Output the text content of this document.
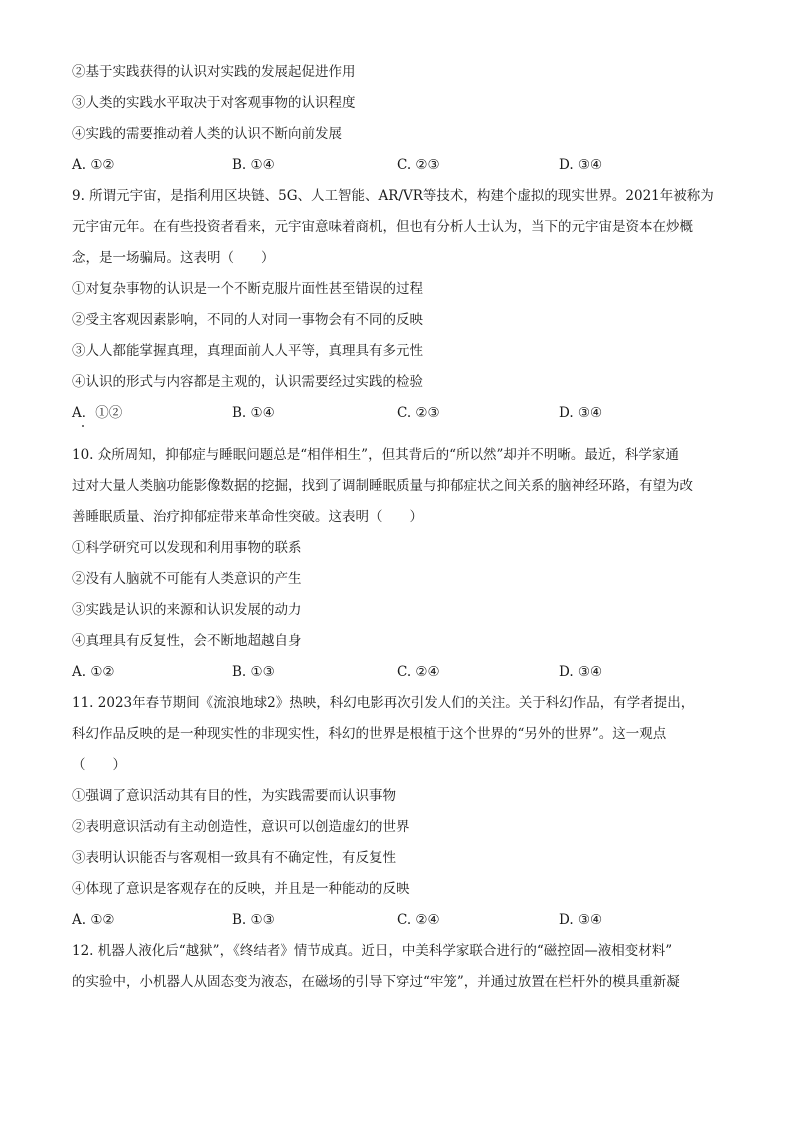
②基于实践获得的认识对实践的发展起促进作用
③人类的实践水平取决于对客观事物的认识程度
④实践的需要推动着人类的认识不断向前发展
A. ①②	B. ①④	C. ②③	D. ③④
9. 所谓元宇宙，是指利用区块链、5G、人工智能、AR/VR等技术，构建个虚拟的现实世界。2021年被称为
元宇宙元年。在有些投资者看来，元宇宙意味着商机，但也有分析人士认为，当下的元宇宙是资本在炒概
念，是一场骗局。这表明（　　）
①对复杂事物的认识是一个不断克服片面性甚至错误的过程
②受主客观因素影响，不同的人对同一事物会有不同的反映
③人人都能掌握真理，真理面前人人平等，真理具有多元性
④认识的形式与内容都是主观的，认识需要经过实践的检验
A．①②	B. ①④	C. ②③	D. ③④
10. 众所周知，抑郁症与睡眠问题总是“相伴相生”，但其背后的“所以然”却并不明晰。最近，科学家通
过对大量人类脑功能影像数据的挖掘，找到了调制睡眠质量与抑郁症状之间关系的脑神经环路，有望为改
善睡眠质量、治疗抑郁症带来革命性突破。这表明（　　）
①科学研究可以发现和利用事物的联系
②没有人脑就不可能有人类意识的产生
③实践是认识的来源和认识发展的动力
④真理具有反复性，会不断地超越自身
A. ①②	B. ①③	C. ②④	D. ③④
11. 2023年春节期间《流浪地球2》热映，科幻电影再次引发人们的关注。关于科幻作品，有学者提出，
科幻作品反映的是一种现实性的非现实性，科幻的世界是根植于这个世界的“另外的世界”。这一观点
（　　）
①强调了意识活动其有目的性，为实践需要而认识事物
②表明意识活动有主动创造性，意识可以创造虚幻的世界
③表明认识能否与客观相一致具有不确定性，有反复性
④体现了意识是客观存在的反映，并且是一种能动的反映
A. ①②	B. ①③	C. ②④	D. ③④
12. 机器人液化后“越狱”，《终结者》情节成真。近日，中美科学家联合进行的“磁控固—液相变材料”
的实验中，小机器人从固态变为液态，在磁场的引导下穿过“牢笼”，并通过放置在栏杆外的模具重新凝
